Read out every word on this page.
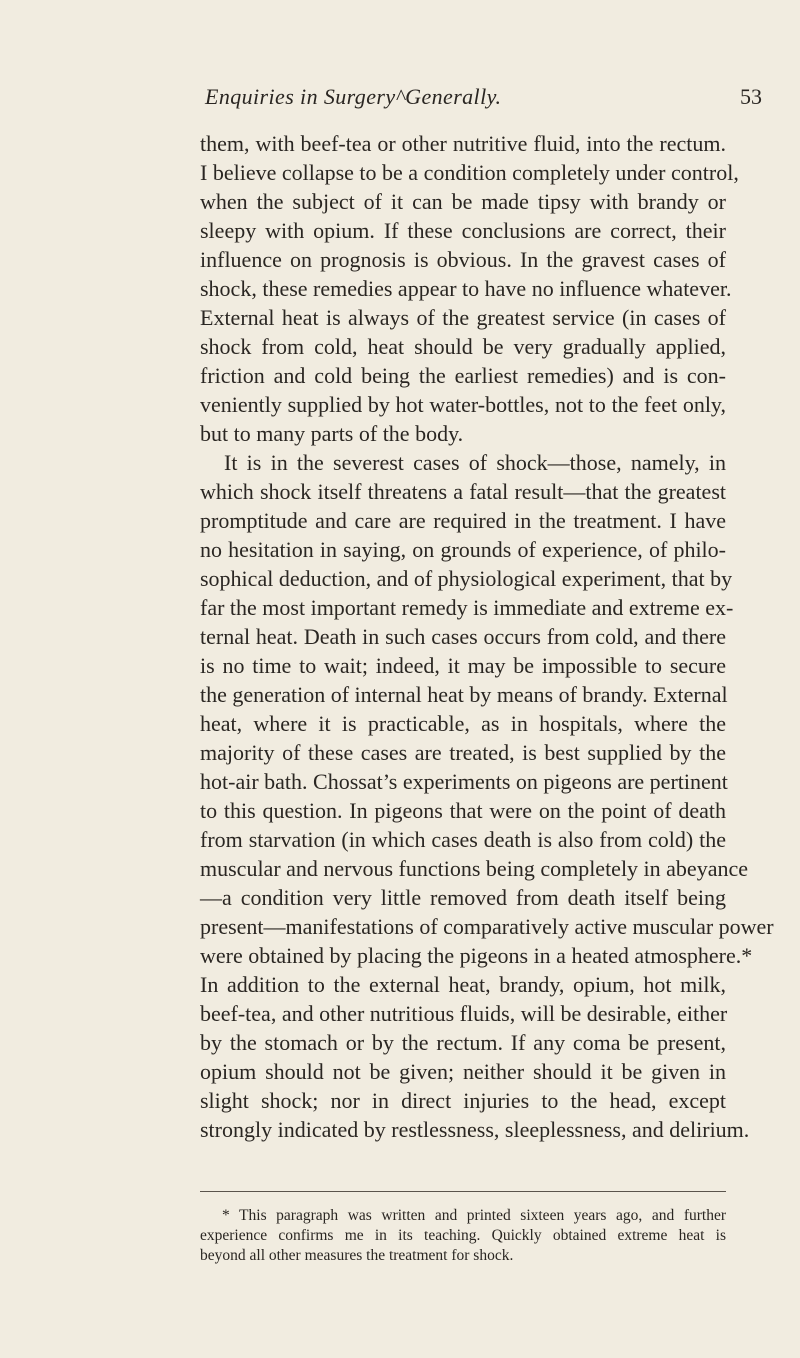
Enquiries in Surgery^Generally.	53
them, with beef-tea or other nutritive fluid, into the rectum.
I believe collapse to be a condition completely under control,
when the subject of it can be made tipsy with brandy or
sleepy with opium. If these conclusions are correct, their
influence on prognosis is obvious. In the gravest cases of
shock, these remedies appear to have no influence whatever.
External heat is always of the greatest service (in cases of
shock from cold, heat should be very gradually applied,
friction and cold being the earliest remedies) and is con-
veniently supplied by hot water-bottles, not to the feet only,
but to many parts of the body.
It is in the severest cases of shock—those, namely, in
which shock itself threatens a fatal result—that the greatest
promptitude and care are required in the treatment. I have
no hesitation in saying, on grounds of experience, of philo-
sophical deduction, and of physiological experiment, that by
far the most important remedy is immediate and extreme ex-
ternal heat. Death in such cases occurs from cold, and there
is no time to wait; indeed, it may be impossible to secure
the generation of internal heat by means of brandy. External
heat, where it is practicable, as in hospitals, where the
majority of these cases are treated, is best supplied by the
hot-air bath. Chossat’s experiments on pigeons are pertinent
to this question. In pigeons that were on the point of death
from starvation (in which cases death is also from cold) the
muscular and nervous functions being completely in abeyance
—a condition very little removed from death itself being
present—manifestations of comparatively active muscular power
were obtained by placing the pigeons in a heated atmosphere.*
In addition to the external heat, brandy, opium, hot milk,
beef-tea, and other nutritious fluids, will be desirable, either
by the stomach or by the rectum. If any coma be present,
opium should not be given; neither should it be given in
slight shock; nor in direct injuries to the head, except
strongly indicated by restlessness, sleeplessness, and delirium.
* This paragraph was written and printed sixteen years ago, and further
experience confirms me in its teaching. Quickly obtained extreme heat is
beyond all other measures the treatment for shock.
